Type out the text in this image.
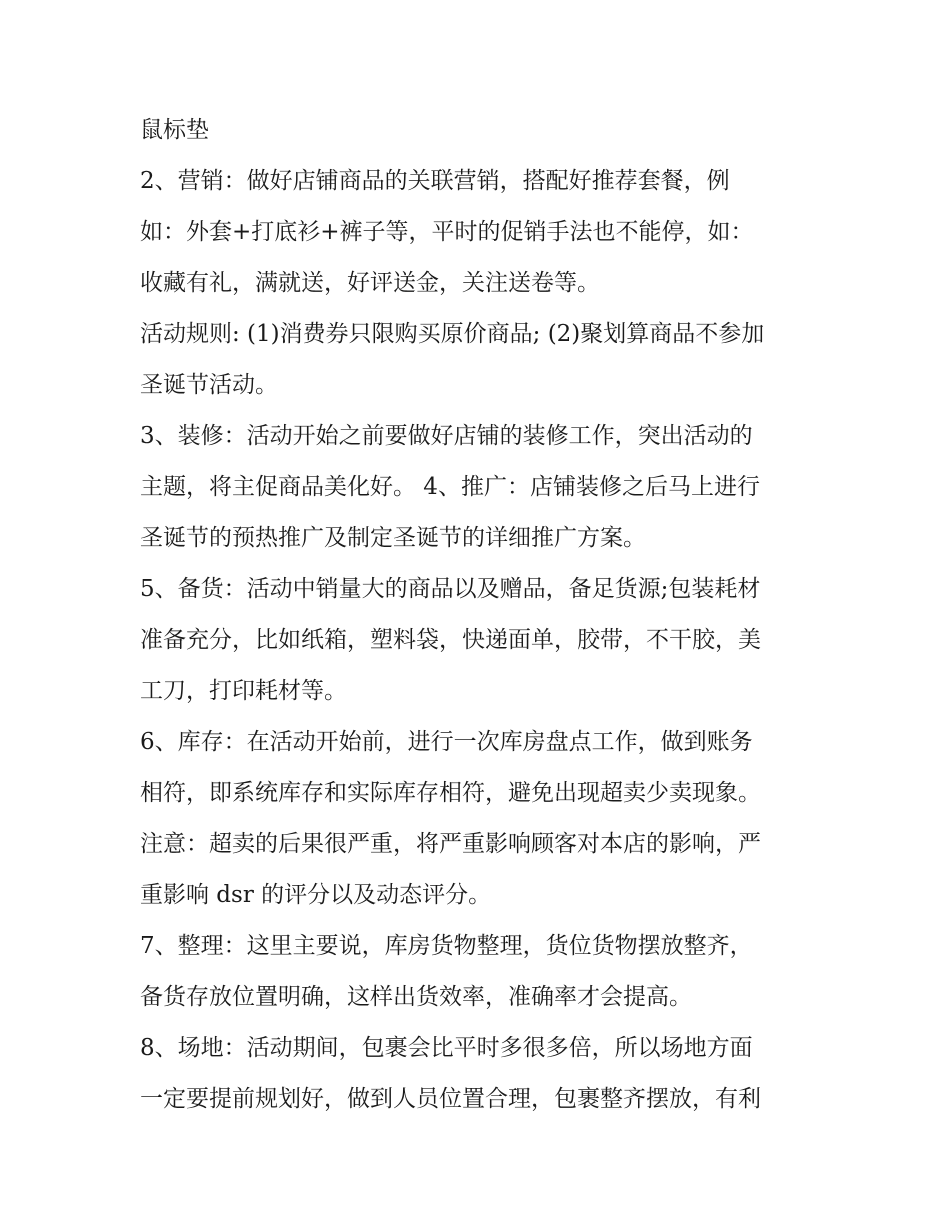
鼠标垫
2、营销：做好店铺商品的关联营销，搭配好推荐套餐，例
如：外套+打底衫+裤子等，平时的促销手法也不能停，如：
收藏有礼，满就送，好评送金，关注送卷等。
活动规则: (1)消费券只限购买原价商品; (2)聚划算商品不参加
圣诞节活动。
3、装修：活动开始之前要做好店铺的装修工作，突出活动的
主题，将主促商品美化好。 4、推广：店铺装修之后马上进行
圣诞节的预热推广及制定圣诞节的详细推广方案。
5、备货：活动中销量大的商品以及赠品，备足货源;包装耗材
准备充分，比如纸箱，塑料袋，快递面单，胶带，不干胶，美
工刀，打印耗材等。
6、库存：在活动开始前，进行一次库房盘点工作，做到账务
相符，即系统库存和实际库存相符，避免出现超卖少卖现象。
注意：超卖的后果很严重，将严重影响顾客对本店的影响，严
重影响 dsr 的评分以及动态评分。
7、整理：这里主要说，库房货物整理，货位货物摆放整齐，
备货存放位置明确，这样出货效率，准确率才会提高。
8、场地：活动期间，包裹会比平时多很多倍，所以场地方面
一定要提前规划好，做到人员位置合理，包裹整齐摆放，有利
